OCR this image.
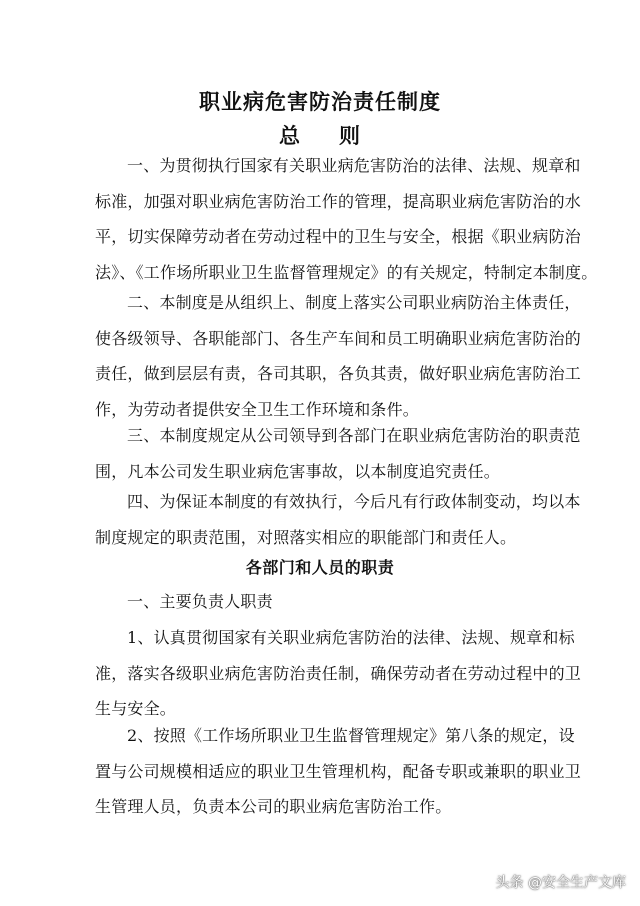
职业病危害防治责任制度
总 则
一、为贯彻执行国家有关职业病危害防治的法律、法规、规章和
标准，加强对职业病危害防治工作的管理，提高职业病危害防治的水
平，切实保障劳动者在劳动过程中的卫生与安全，根据《职业病防治
法》、《工作场所职业卫生监督管理规定》的有关规定，特制定本制度。
二、本制度是从组织上、制度上落实公司职业病防治主体责任，
使各级领导、各职能部门、各生产车间和员工明确职业病危害防治的
责任，做到层层有责，各司其职，各负其责，做好职业病危害防治工
作，为劳动者提供安全卫生工作环境和条件。
三、本制度规定从公司领导到各部门在职业病危害防治的职责范
围，凡本公司发生职业病危害事故，以本制度追究责任。
四、为保证本制度的有效执行，今后凡有行政体制变动，均以本
制度规定的职责范围，对照落实相应的职能部门和责任人。
各部门和人员的职责
一、主要负责人职责
1、认真贯彻国家有关职业病危害防治的法律、法规、规章和标
准，落实各级职业病危害防治责任制，确保劳动者在劳动过程中的卫
生与安全。
2、按照《工作场所职业卫生监督管理规定》第八条的规定，设
置与公司规模相适应的职业卫生管理机构，配备专职或兼职的职业卫
生管理人员，负责本公司的职业病危害防治工作。
头条 @安全生产文库
